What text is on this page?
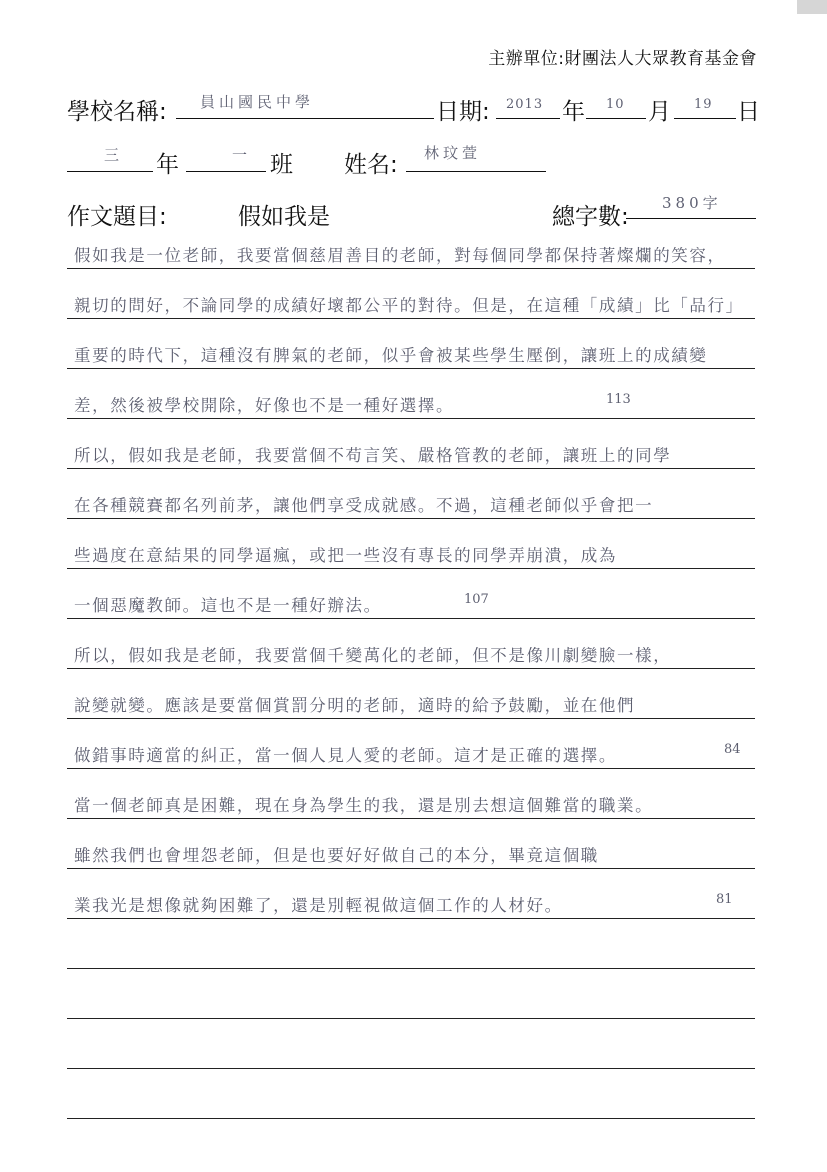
主辦單位:財團法人大眾教育基金會
學校名稱: 員山國民中學	日期: 2013 年 10 月 19 日
三 年	一 班 姓名: 林玟萱
作文題目:	假如我是	總字數:
380字
假如我是一位老師，我要當個慈眉善目的老師，對每個同學都保持著燦爛的笑容，
親切的問好，不論同學的成績好壞都公平的對待。但是，在這種「成績」比「品行」
重要的時代下，這種沒有脾氣的老師，似乎會被某些學生壓倒，讓班上的成績變
差，然後被學校開除，好像也不是一種好選擇。	113
所以，假如我是老師，我要當個不苟言笑、嚴格管教的老師，讓班上的同學
在各種競賽都名列前茅，讓他們享受成就感。不過，這種老師似乎會把一
些過度在意結果的同學逼瘋，或把一些沒有專長的同學弄崩潰，成為
一個惡魔教師。這也不是一種好辦法。	107
所以，假如我是老師，我要當個千變萬化的老師，但不是像川劇變臉一樣，
說變就變。應該是要當個賞罰分明的老師，適時的給予鼓勵，並在他們
做錯事時適當的糾正，當一個人見人愛的老師。這才是正確的選擇。	84
當一個老師真是困難，現在身為學生的我，還是別去想這個難當的職業。
雖然我們也會埋怨老師，但是也要好好做自己的本分，畢竟這個職
業我光是想像就夠困難了，還是別輕視做這個工作的人材好。	81
